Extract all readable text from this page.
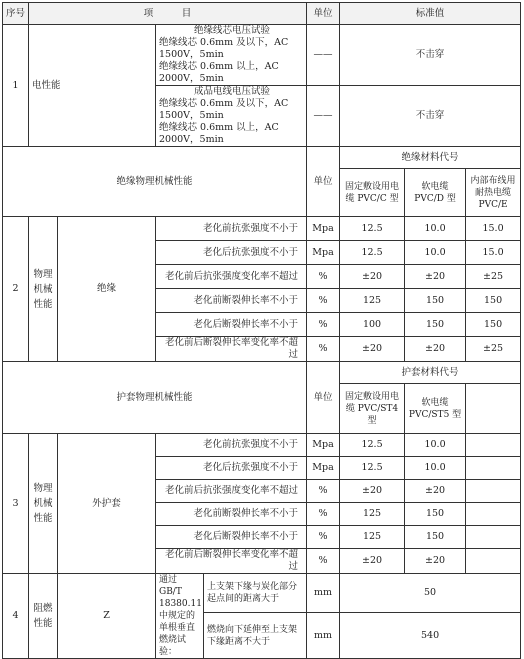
序号	项　　　目				单位	标准值		
1	电性能		绝缘线芯电压试验
绝缘线芯 0.6mm 及以下，AC 1500V，5min
绝缘线芯 0.6mm 以上，AC 2000V，5min		——	不击穿		

			成品电线电压试验
绝缘线芯 0.6mm 及以下，AC 1500V，5min
绝缘线芯 0.6mm 以上，AC 2000V，5min		——	不击穿		
绝缘物理机械性能					单位	绝缘材料代号		
						固定敷设用电缆 PVC/C 型	软电缆 PVC/D 型	内部布线用耐热电缆 PVC/E
2	物理机械性能	绝缘	老化前抗张强度不小于		Mpa	12.5	10.0	15.0
			老化后抗张强度不小于		Mpa	12.5	10.0	15.0
			老化前后抗张强度变化率不超过		%	±20	±20	±25
			老化前断裂伸长率不小于		%	125	150	150
			老化后断裂伸长率不小于		%	100	150	150
			老化前后断裂伸长率变化率不超过		%	±20	±20	±25
护套物理机械性能					单位	护套材料代号		
						固定敷设用电缆 PVC/ST4 型	软电缆 PVC/ST5 型	
3	物理机械性能	外护套	老化前抗张强度不小于		Mpa	12.5	10.0	
			老化后抗张强度不小于		Mpa	12.5	10.0	
			老化前后抗张强度变化率不超过		%	±20	±20	
			老化前断裂伸长率不小于		%	125	150	
			老化后断裂伸长率不小于		%	125	150	
			老化前后断裂伸长率变化率不超过		%	±20	±20	
4	阻燃性能	Z	通过 GB/T 18380.11 中规定的单根垂直燃烧试验：	上支架下缘与炭化部分起点间的距离大于	mm	50		
				燃烧向下延伸至上支架下缘距离不大于	mm	540		
